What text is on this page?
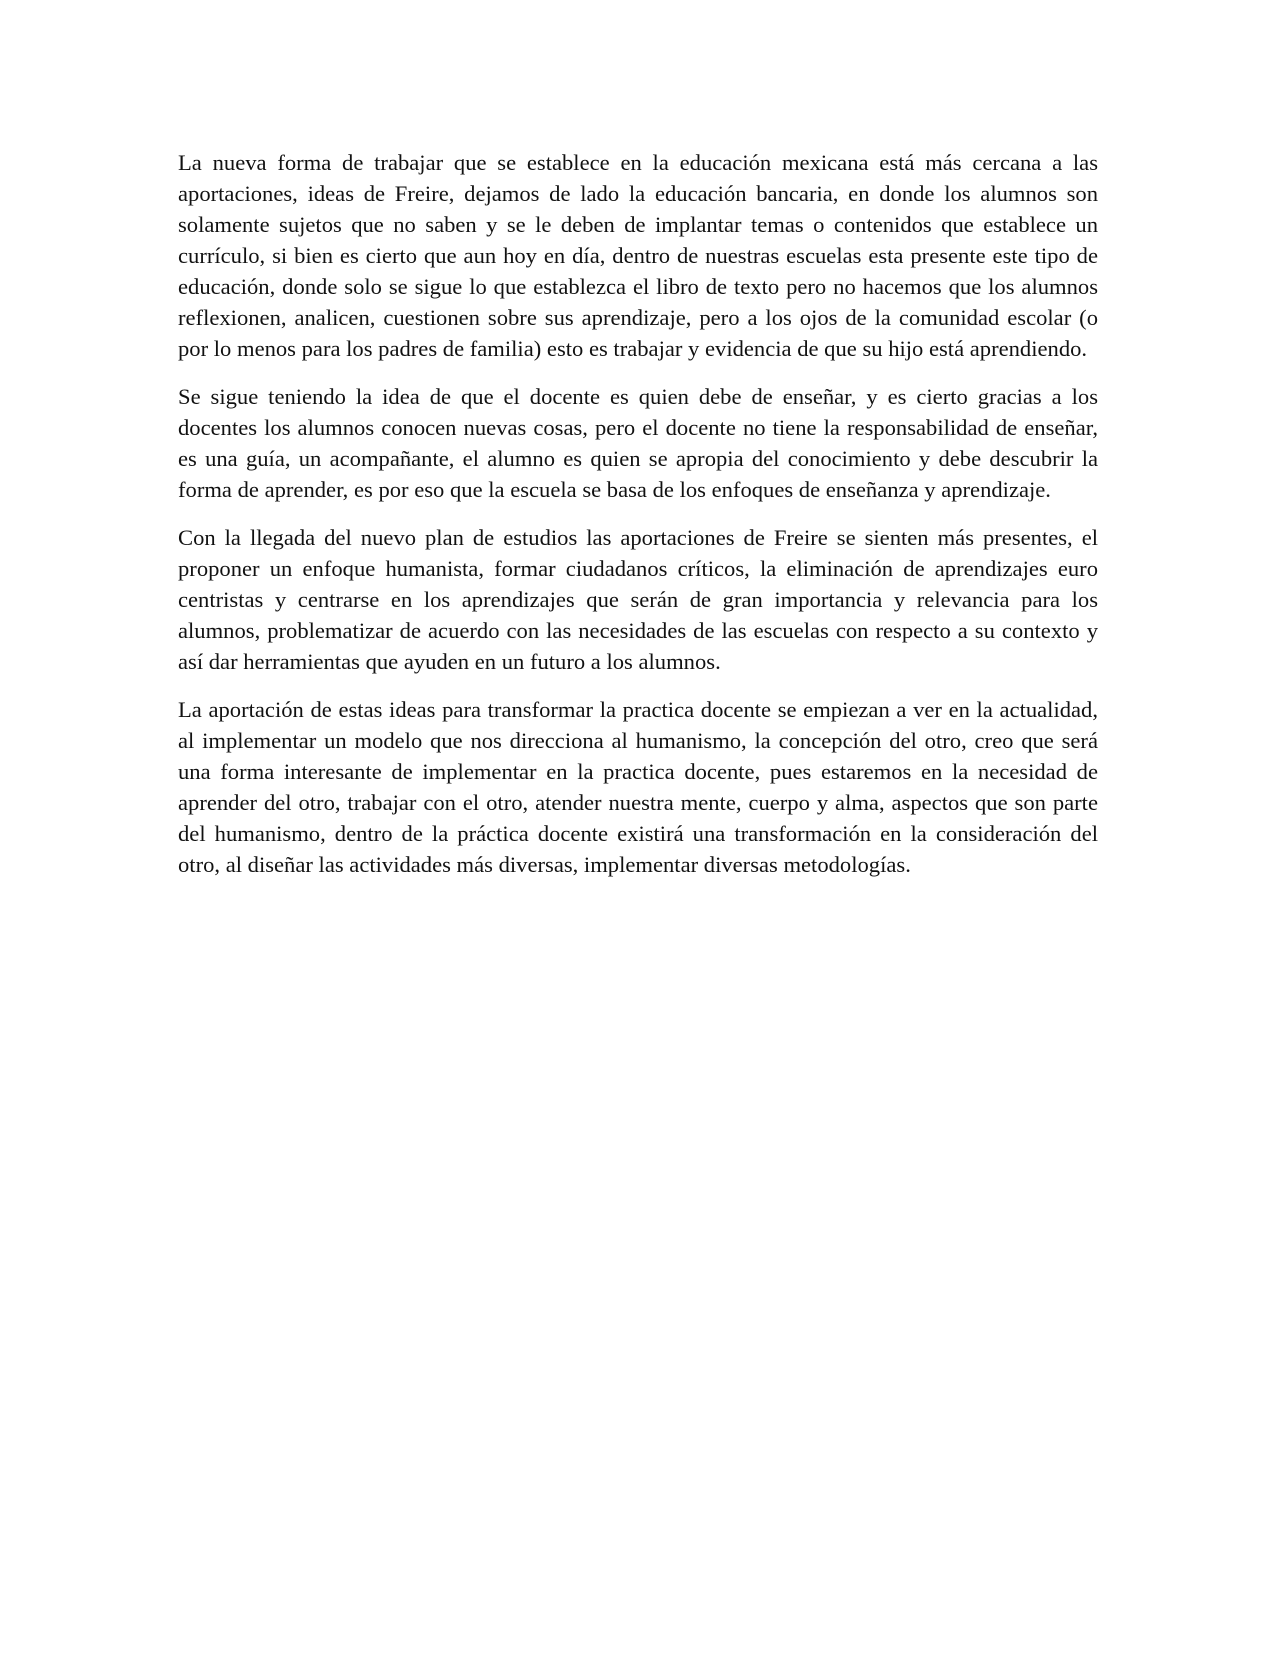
La nueva forma de trabajar que se establece en la educación mexicana está más cercana a las aportaciones, ideas de Freire, dejamos de lado la educación bancaria, en donde los alumnos son solamente sujetos que no saben y se le deben de implantar temas o contenidos que establece un currículo, si bien es cierto que aun hoy en día, dentro de nuestras escuelas esta presente este tipo de educación, donde solo se sigue lo que establezca el libro de texto pero no hacemos que los alumnos reflexionen, analicen, cuestionen sobre sus aprendizaje, pero a los ojos de la comunidad escolar (o por lo menos para los padres de familia) esto es trabajar y evidencia de que su hijo está aprendiendo.

Se sigue teniendo la idea de que el docente es quien debe de enseñar, y es cierto gracias a los docentes los alumnos conocen nuevas cosas, pero el docente no tiene la responsabilidad de enseñar, es una guía, un acompañante, el alumno es quien se apropia del conocimiento y debe descubrir la forma de aprender, es por eso que la escuela se basa de los enfoques de enseñanza y aprendizaje.

Con la llegada del nuevo plan de estudios las aportaciones de Freire se sienten más presentes, el proponer un enfoque humanista, formar ciudadanos críticos, la eliminación de aprendizajes euro centristas y centrarse en los aprendizajes que serán de gran importancia y relevancia para los alumnos, problematizar de acuerdo con las necesidades de las escuelas con respecto a su contexto y así dar herramientas que ayuden en un futuro a los alumnos.

La aportación de estas ideas para transformar la practica docente se empiezan a ver en la actualidad, al implementar un modelo que nos direcciona al humanismo, la concepción del otro, creo que será una forma interesante de implementar en la practica docente, pues estaremos en la necesidad de aprender del otro, trabajar con el otro, atender nuestra mente, cuerpo y alma, aspectos que son parte del humanismo, dentro de la práctica docente existirá una transformación en la consideración del otro, al diseñar las actividades más diversas, implementar diversas metodologías.
